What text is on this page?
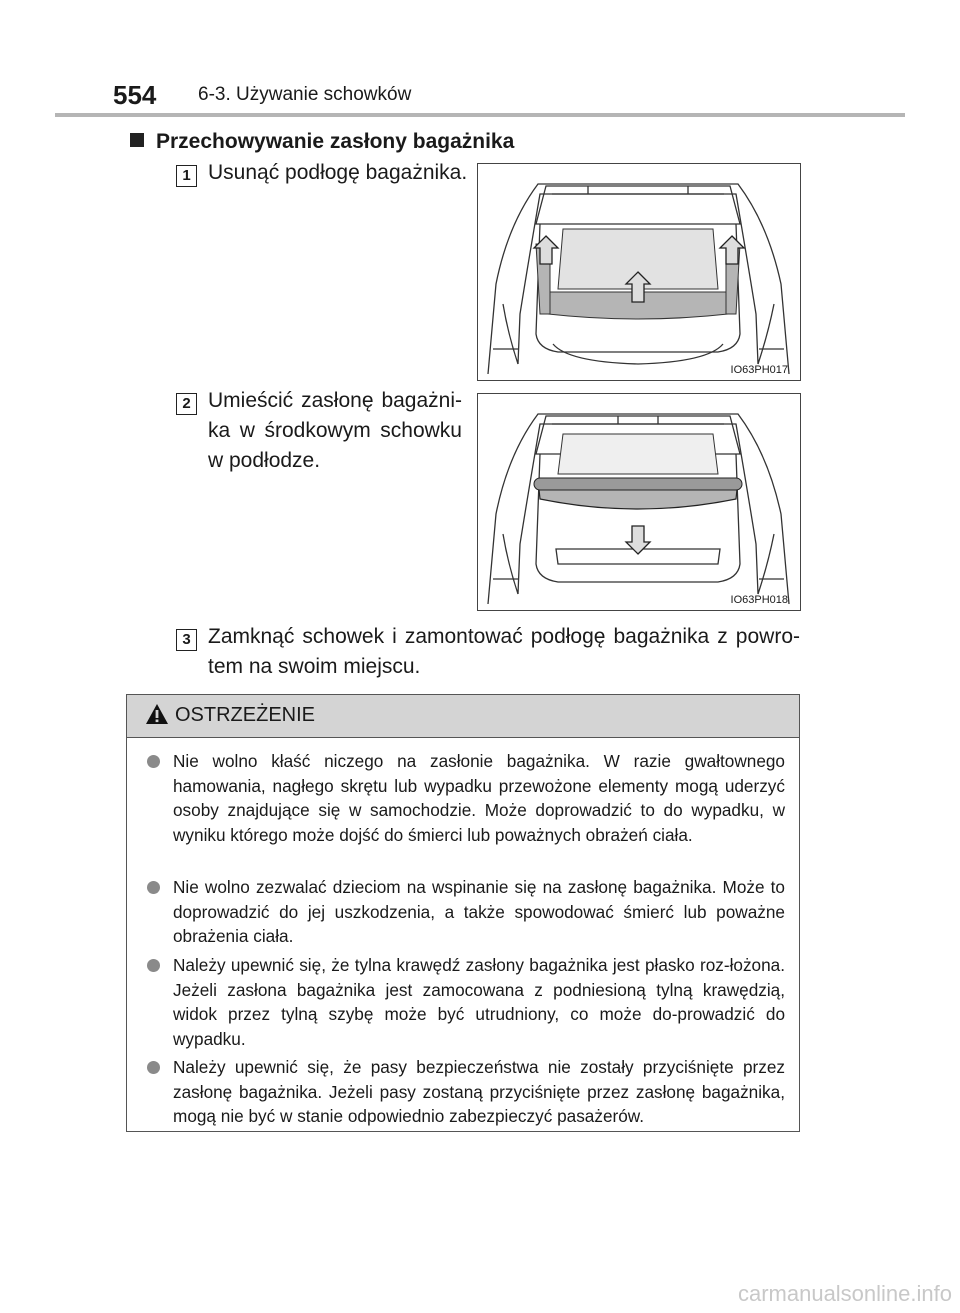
554 6-3. Używanie schowków
Przechowywanie zasłony bagażnika
1 Usunąć podłogę bagażnika.
IO63PH017
2 Umieścić zasłonę bagażni-
ka w środkowym schowku
w podłodze.
IO63PH018
3 Zamknąć schowek i zamontować podłogę bagażnika z powro-
tem na swoim miejscu.
OSTRZEŻENIE
Nie wolno kłaść niczego na zasłonie bagażnika. W razie gwałtownego hamowania, nagłego skrętu lub wypadku przewożone elementy mogą uderzyć osoby znajdujące się w samochodzie. Może doprowadzić to do wypadku, w wyniku którego może dojść do śmierci lub poważnych obrażeń ciała.
Nie wolno zezwalać dzieciom na wspinanie się na zasłonę bagażnika. Może to doprowadzić do jej uszkodzenia, a także spowodować śmierć lub poważne obrażenia ciała.
Należy upewnić się, że tylna krawędź zasłony bagażnika jest płasko roz-łożona. Jeżeli zasłona bagażnika jest zamocowana z podniesioną tylną krawędzią, widok przez tylną szybę może być utrudniony, co może do-prowadzić do wypadku.
Należy upewnić się, że pasy bezpieczeństwa nie zostały przyciśnięte przez zasłonę bagażnika. Jeżeli pasy zostaną przyciśnięte przez zasłonę bagażnika, mogą nie być w stanie odpowiednio zabezpieczyć pasażerów.
carmanualsonline.info
